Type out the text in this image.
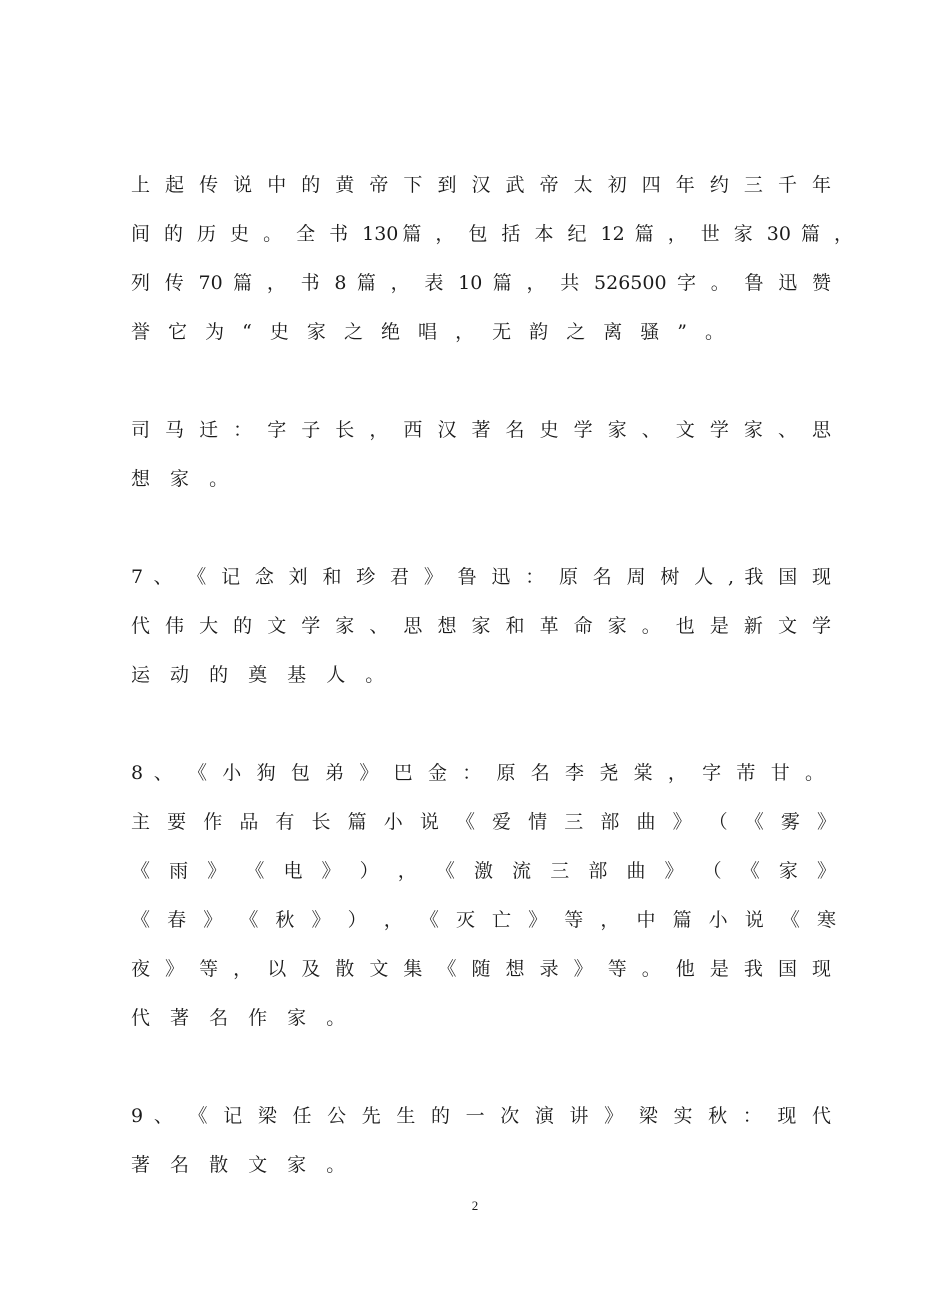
上 起 传 说 中 的 黄 帝 下 到 汉 武 帝 太 初 四 年 约 三 千 年
间 的 历 史 。 全 书 130篇 ， 包 括 本 纪 12 篇 ， 世 家 30 篇 ，
列 传 70 篇 ， 书 8 篇 ， 表 10 篇 ， 共 526500 字 。 鲁 迅 赞
誉 它 为 “ 史 家 之 绝 唱 ， 无 韵 之 离 骚 ” 。
司 马 迁 ： 字 子 长 ， 西 汉 著 名 史 学 家 、 文 学 家 、 思
想 家 。
7 、 《 记 念 刘 和 珍 君 》 鲁 迅 ： 原 名 周 树 人 , 我 国 现
代 伟 大 的 文 学 家 、 思 想 家 和 革 命 家 。 也 是 新 文 学
运 动 的 奠 基 人 。
8 、 《 小 狗 包 弟 》 巴 金 ： 原 名 李 尧 棠 ， 字 芾 甘 。
主 要 作 品 有 长 篇 小 说 《 爱 情 三 部 曲 》 （ 《 雾 》
《 雨 》 《 电 》 ） ， 《 激 流 三 部 曲 》 （ 《 家 》
《 春 》 《 秋 》 ） ， 《 灭 亡 》 等 ， 中 篇 小 说 《 寒
夜 》 等 ， 以 及 散 文 集 《 随 想 录 》 等 。 他 是 我 国 现
代 著 名 作 家 。
9 、 《 记 梁 任 公 先 生 的 一 次 演 讲 》 梁 实 秋 ： 现 代
著 名 散 文 家 。
2
